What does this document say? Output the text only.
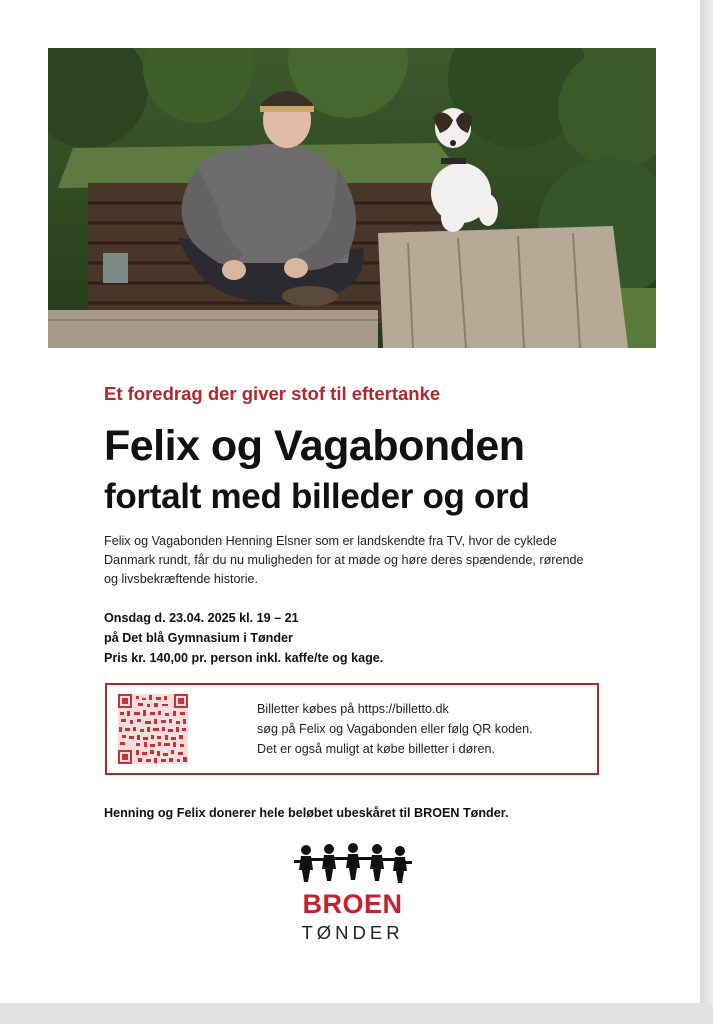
Et foredrag der giver stof til eftertanke
Felix og Vagabonden
fortalt med billeder og ord

Felix og Vagabonden Henning Elsner som er landskendte fra TV, hvor de cyklede Danmark rundt, får du nu muligheden for at møde og høre deres spændende, rørende og livsbekræftende historie.

Onsdag d. 23.04. 2025 kl. 19 – 21
på Det blå Gymnasium i Tønder
Pris kr. 140,00 pr. person inkl. kaffe/te og kage.
Billetter købes på https://billetto.dk
søg på Felix og Vagabonden eller følg QR koden.
Det er også muligt at købe billetter i døren.
Henning og Felix donerer hele beløbet ubeskåret til BROEN Tønder.
BROEN
TØNDER
